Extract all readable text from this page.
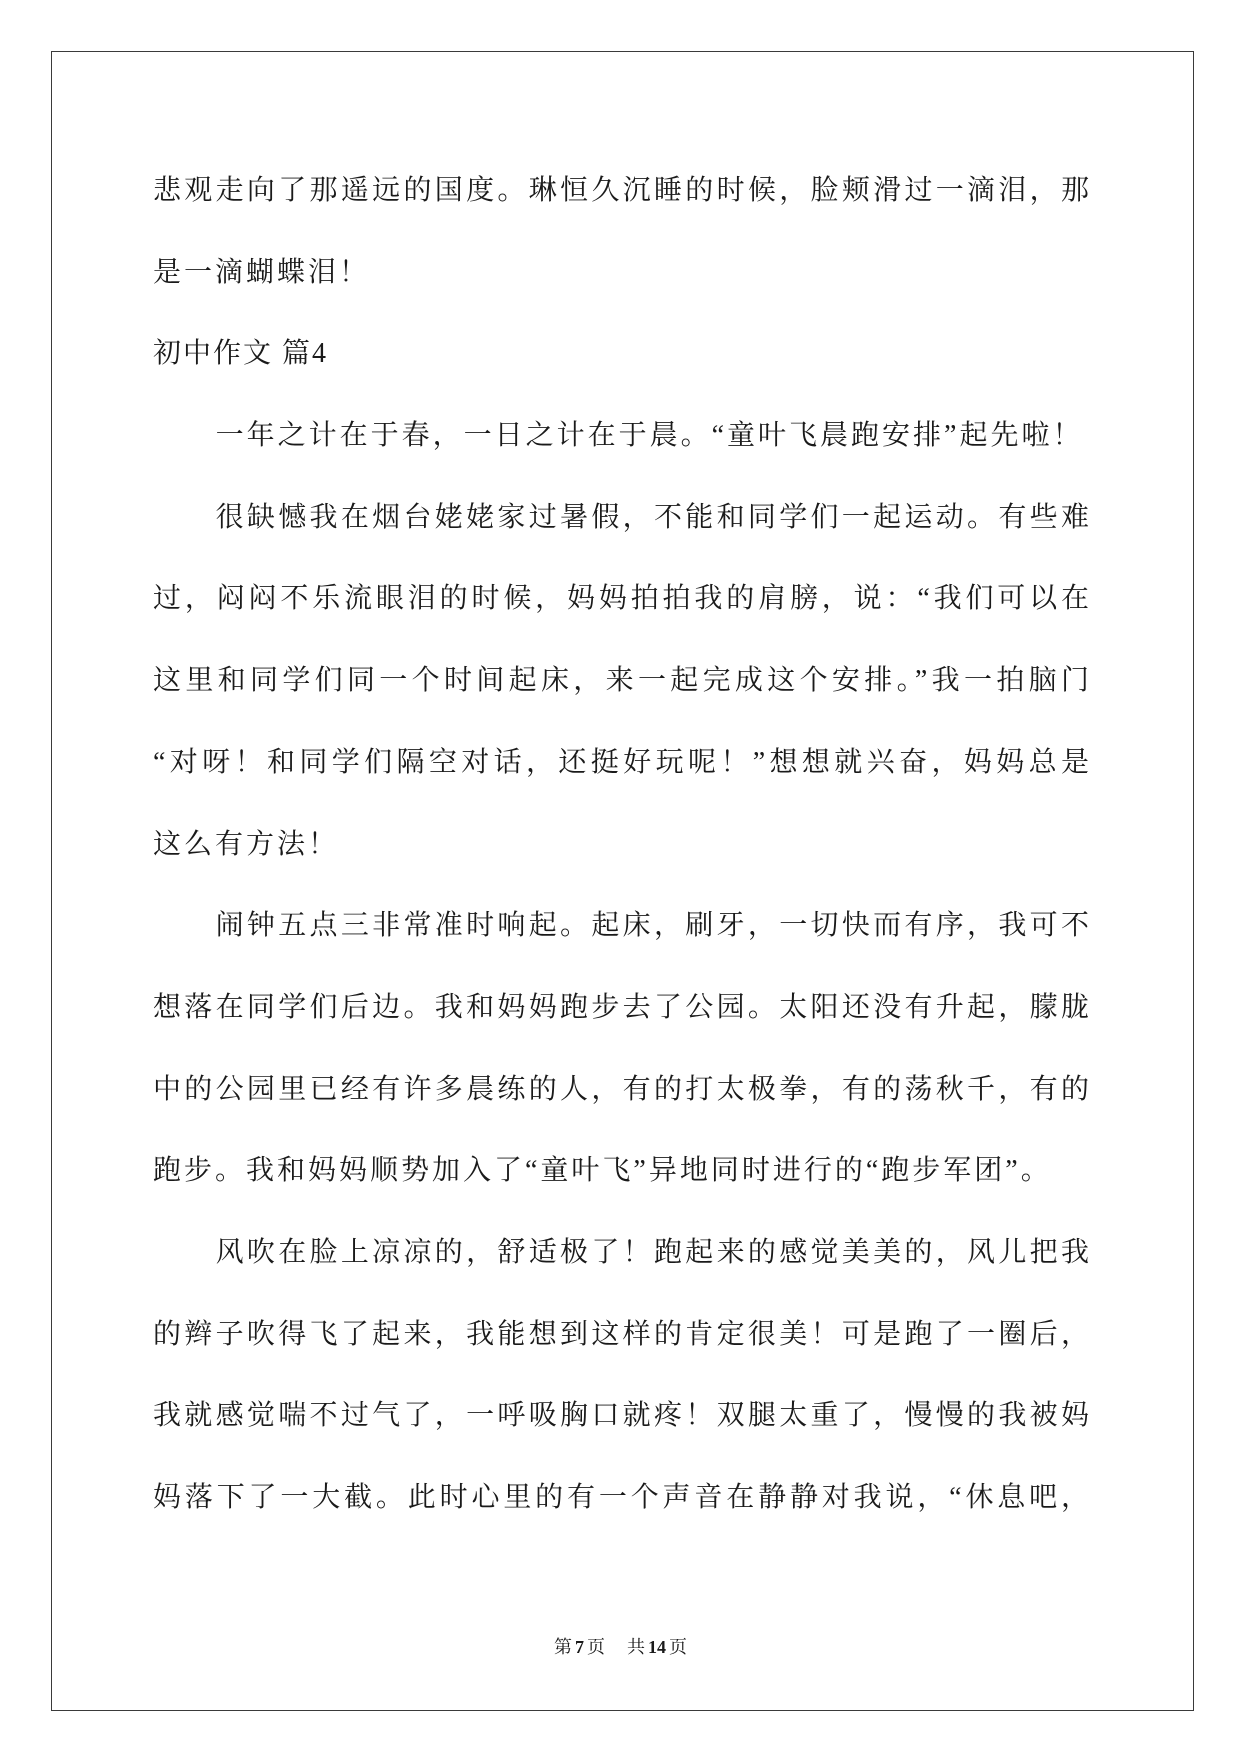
悲观走向了那遥远的国度。琳恒久沉睡的时候，脸颊滑过一滴泪，那
是一滴蝴蝶泪！
初中作文 篇4
一年之计在于春，一日之计在于晨。“童叶飞晨跑安排”起先啦！
很缺憾我在烟台姥姥家过暑假，不能和同学们一起运动。有些难
过，闷闷不乐流眼泪的时候，妈妈拍拍我的肩膀，说：“我们可以在
这里和同学们同一个时间起床，来一起完成这个安排。”我一拍脑门
“对呀！和同学们隔空对话，还挺好玩呢！”想想就兴奋，妈妈总是
这么有方法！
闹钟五点三非常准时响起。起床，刷牙，一切快而有序，我可不
想落在同学们后边。我和妈妈跑步去了公园。太阳还没有升起，朦胧
中的公园里已经有许多晨练的人，有的打太极拳，有的荡秋千，有的
跑步。我和妈妈顺势加入了“童叶飞”异地同时进行的“跑步军团”。
风吹在脸上凉凉的，舒适极了！跑起来的感觉美美的，风儿把我
的辫子吹得飞了起来，我能想到这样的肯定很美！可是跑了一圈后，
我就感觉喘不过气了，一呼吸胸口就疼！双腿太重了，慢慢的我被妈
妈落下了一大截。此时心里的有一个声音在静静对我说，“休息吧，
第 7 页 共 14 页
